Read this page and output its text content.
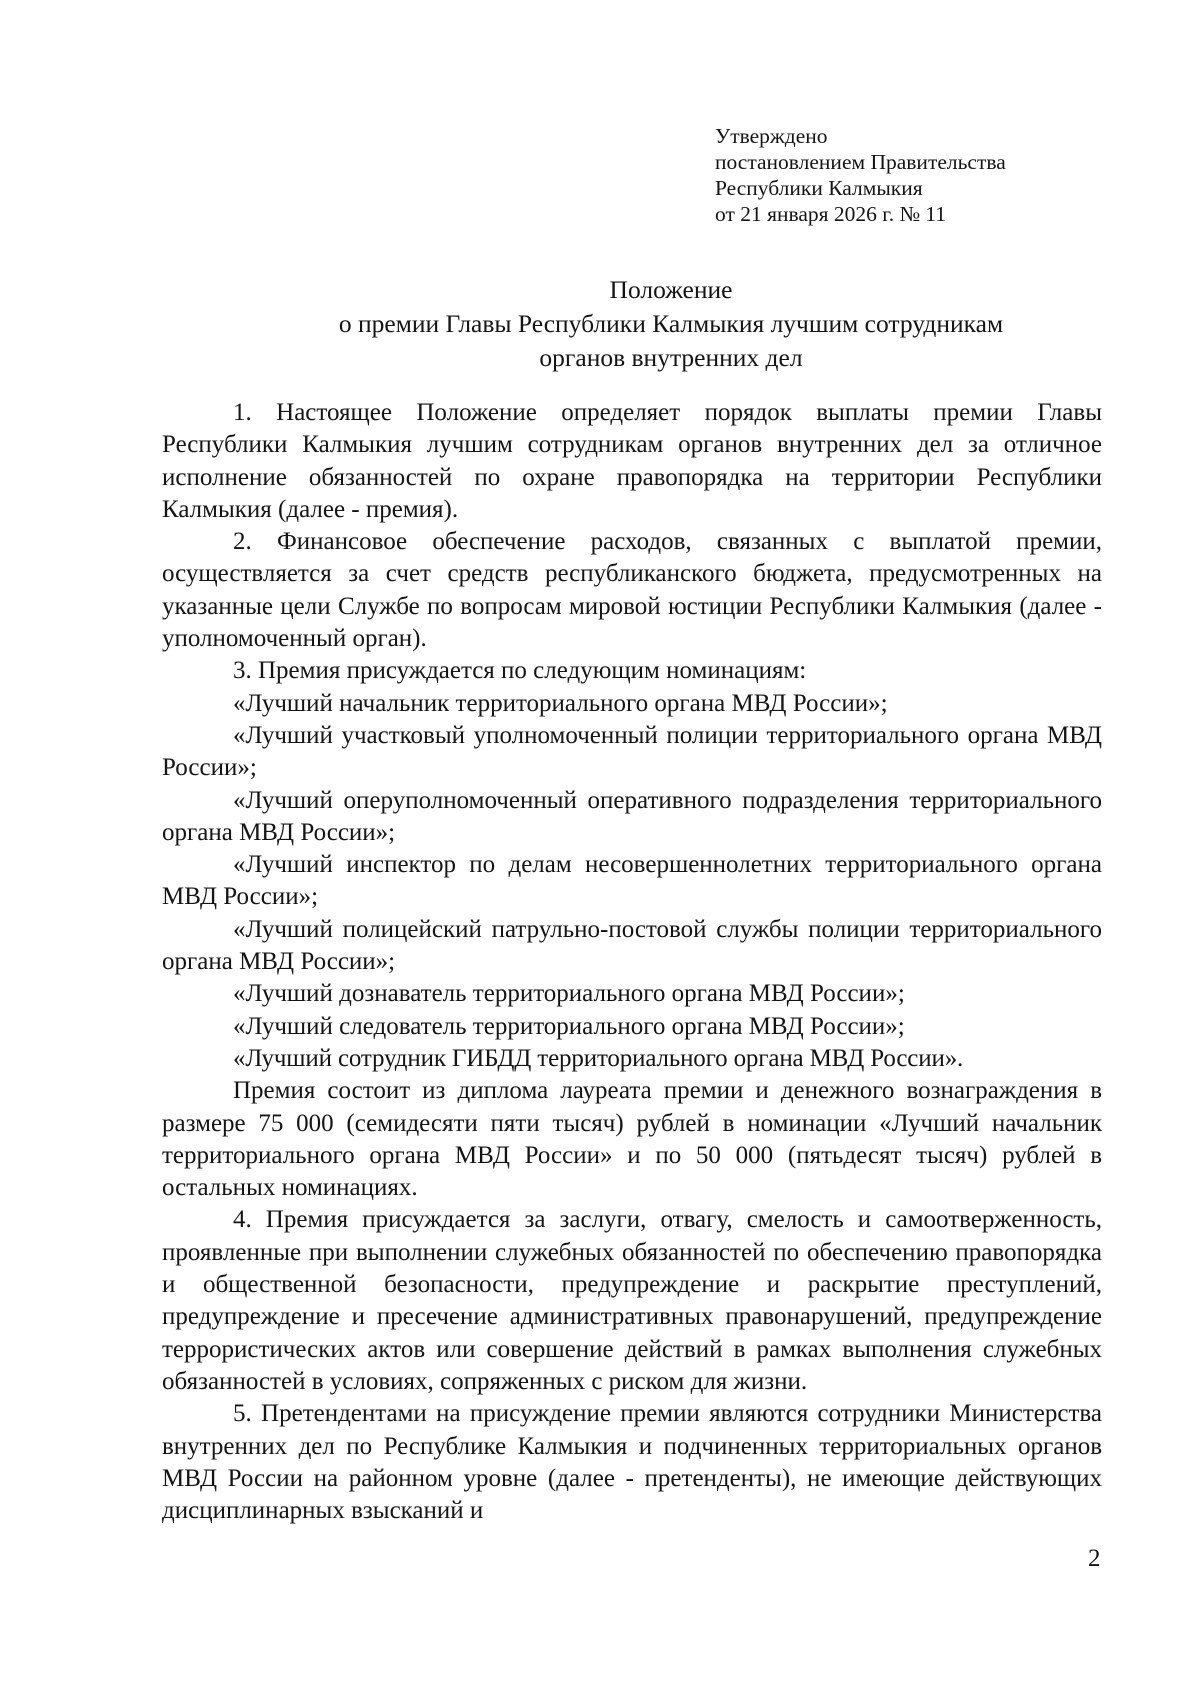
Утверждено
постановлением Правительства
Республики Калмыкия
от 21 января 2026 г. № 11
Положение
о премии Главы Республики Калмыкия лучшим сотрудникам
органов внутренних дел

1. Настоящее Положение определяет порядок выплаты премии Главы Республики Калмыкия лучшим сотрудникам органов внутренних дел за отличное исполнение обязанностей по охране правопорядка на территории Республики Калмыкия (далее - премия).

2. Финансовое обеспечение расходов, связанных с выплатой премии, осуществляется за счет средств республиканского бюджета, предусмотренных на указанные цели Службе по вопросам мировой юстиции Республики Калмыкия (далее - уполномоченный орган).

3. Премия присуждается по следующим номинациям:

«Лучший начальник территориального органа МВД России»;

«Лучший участковый уполномоченный полиции территориального органа МВД России»;

«Лучший оперуполномоченный оперативного подразделения территориального органа МВД России»;

«Лучший инспектор по делам несовершеннолетних территориального органа МВД России»;

«Лучший полицейский патрульно-постовой службы полиции территориального органа МВД России»;

«Лучший дознаватель территориального органа МВД России»;

«Лучший следователь территориального органа МВД России»;

«Лучший сотрудник ГИБДД территориального органа МВД России».

Премия состоит из диплома лауреата премии и денежного вознаграждения в размере 75 000 (семидесяти пяти тысяч) рублей в номинации «Лучший начальник территориального органа МВД России» и по 50 000 (пятьдесят тысяч) рублей в остальных номинациях.

4. Премия присуждается за заслуги, отвагу, смелость и самоотверженность, проявленные при выполнении служебных обязанностей по обеспечению правопорядка и общественной безопасности, предупреждение и раскрытие преступлений, предупреждение и пресечение административных правонарушений, предупреждение террористических актов или совершение действий в рамках выполнения служебных обязанностей в условиях, сопряженных с риском для жизни.

5. Претендентами на присуждение премии являются сотрудники Министерства внутренних дел по Республике Калмыкия и подчиненных территориальных органов МВД России на районном уровне (далее - претенденты), не имеющие действующих дисциплинарных взысканий и

2
